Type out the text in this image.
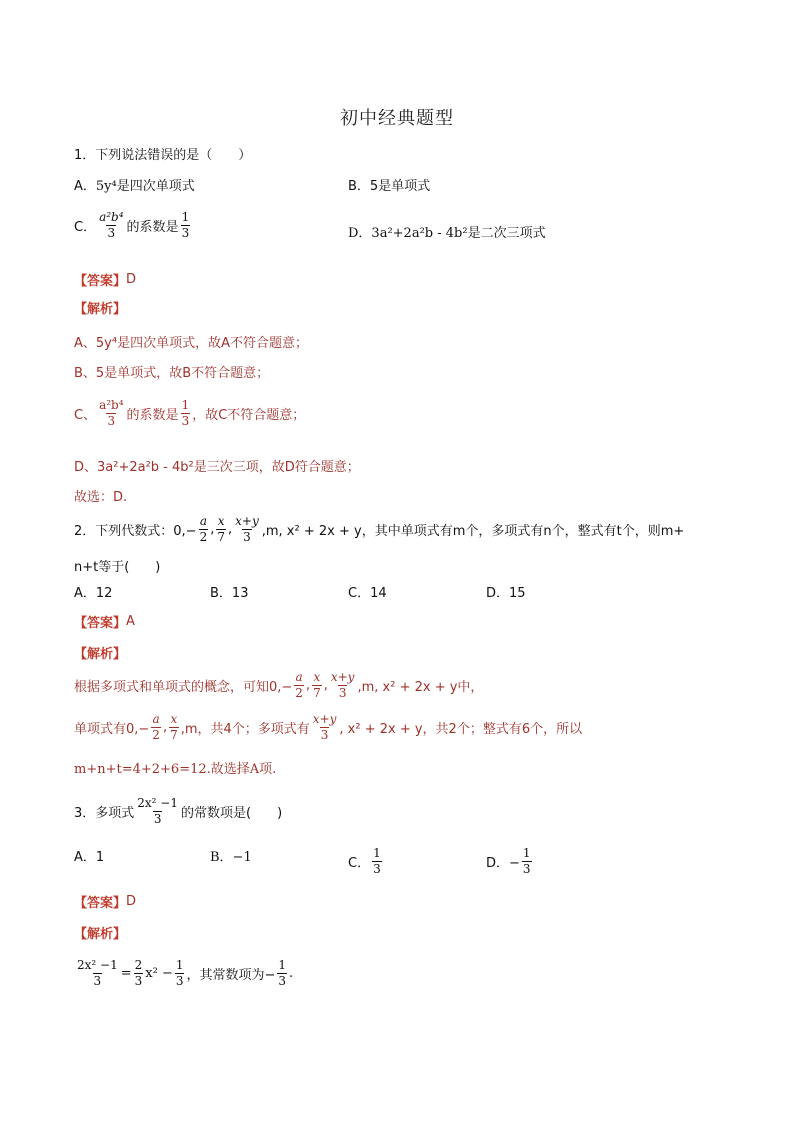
初中经典题型
1．下列说法错误的是（　　）
A． 5y⁴是四次单项式	B．5是单项式
C． $\frac{\text{a²b⁴}}{3}$ 的系数是 $\frac{1}{3}$	D．3a²+2a²b - 4b²是二次三项式
【答案】 D
【解析】
A、5y⁴是四次单项式，故A不符合题意；
B、5是单项式，故B不符合题意；
C、 $\frac{\text{a²b⁴}}{3}$ 的系数是 $\frac{1}{3}$ ，故C不符合题意；
D、3a²+2a²b - 4b²是三次三项，故D符合题意；
故选：D.
2．下列代数式：$0,- \frac{a}{2}$ , $\frac{x}{7}$ , $\frac{x+y}{3} ,m$, x² + 2x + y，其中单项式有m个，多项式有n个，整式有t个，则m+
n+t等于(　　)
A．12	B．13	C．14	D．15
【答案】 A
【解析】
根据多项式和单项式的概念，可知$0,- \frac{a}{2}$ , $\frac{x}{7}$ , $\frac{x+y}{3} ,m$, x² + 2x + y中，
单项式有$0,- \frac{a}{2}$ , $\frac{x}{7} ,m$，共4个；多项式有 $\frac{x+y}{3}$ , x² + 2x + y，共2个；整式有6个，所以
m+n+t=4+2+6=12.故选择A项.
3．多项式 $\frac{\text{2x² −1}}{3}$ 的常数项是(　　)
A．1	B．−1	C． $\frac{1}{3}$	D．− $\frac{1}{3}$
【答案】 D
【解析】
$\frac{\text{2x² −1}}{3} = \frac{2}{3} x^2 - \frac{1}{3}$ ，其常数项为− $\frac{1}{3}$ .
